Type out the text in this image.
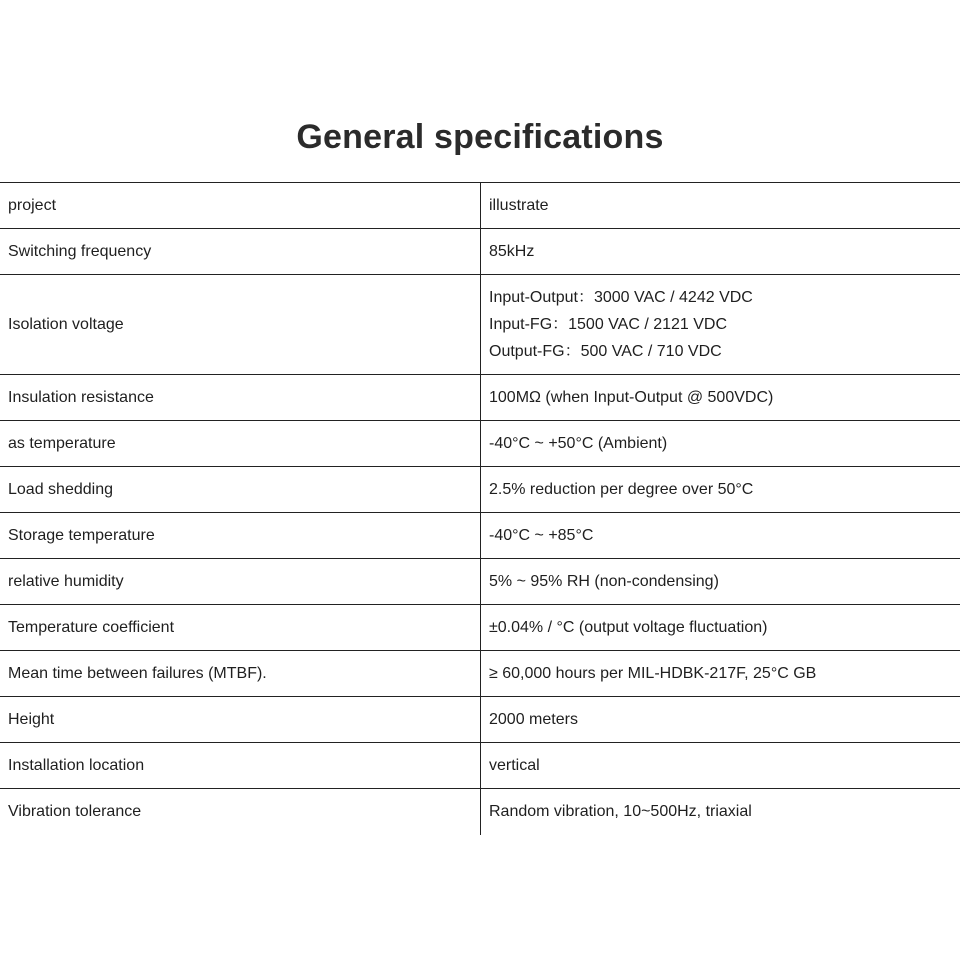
General specifications
project	illustrate
Switching frequency	85kHz

Isolation voltage	Input-Output：3000 VAC / 4242 VDC
Input-FG：1500 VAC / 2121 VDC
Output-FG：500 VAC / 710 VDC

Insulation resistance	100MΩ (when Input-Output @ 500VDC)

as temperature	-40°C ~ +50°C (Ambient)

Load shedding	2.5% reduction per degree over 50°C

Storage temperature	-40°C ~ +85°C

relative humidity	5% ~ 95% RH (non-condensing)

Temperature coefficient	±0.04% / °C (output voltage fluctuation)

Mean time between failures (MTBF).	≥ 60,000 hours per MIL-HDBK-217F, 25°C GB

Height	2000 meters

Installation location	vertical

Vibration tolerance	Random vibration, 10~500Hz, triaxial
